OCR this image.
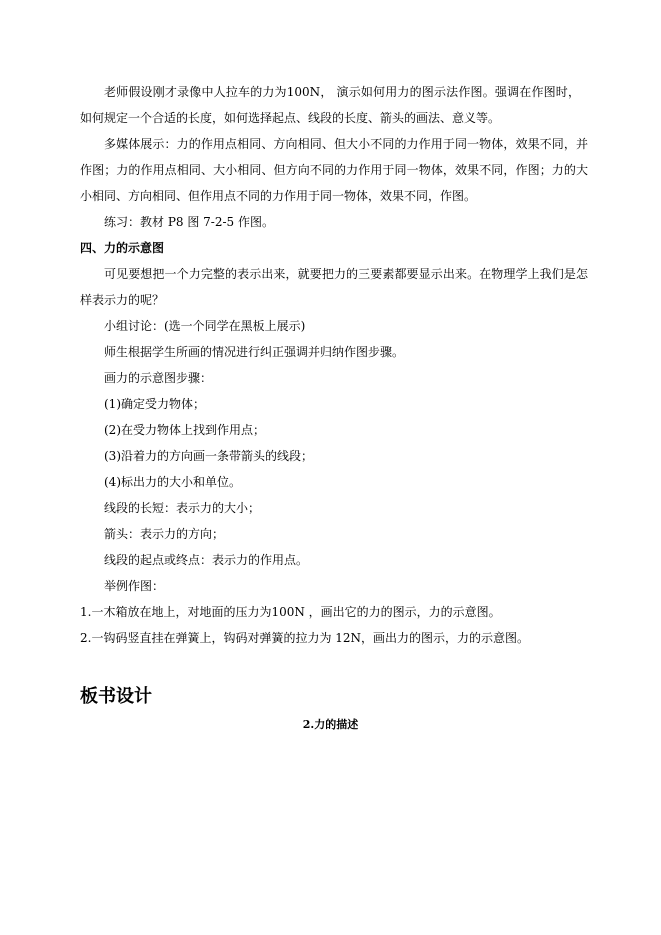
老师假设刚才录像中人拉车的力为100N， 演示如何用力的图示法作图。强调在作图时，如何规定一个合适的长度，如何选择起点、线段的长度、箭头的画法、意义等。
多媒体展示：力的作用点相同、方向相同、但大小不同的力作用于同一物体，效果不同，并作图；力的作用点相同、大小相同、但方向不同的力作用于同一物体，效果不同，作图；力的大小相同、方向相同、但作用点不同的力作用于同一物体，效果不同，作图。
练习：教材 P8 图 7-2-5 作图。
四、力的示意图
可见要想把一个力完整的表示出来，就要把力的三要素都要显示出来。在物理学上我们是怎样表示力的呢？
小组讨论：(选一个同学在黑板上展示)
师生根据学生所画的情况进行纠正强调并归纳作图步骤。
画力的示意图步骤：
(1)确定受力物体；
(2)在受力物体上找到作用点；
(3)沿着力的方向画一条带箭头的线段；
(4)标出力的大小和单位。
线段的长短：表示力的大小；
箭头：表示力的方向；
线段的起点或终点：表示力的作用点。
举例作图：
1.一木箱放在地上，对地面的压力为100N ，画出它的力的图示，力的示意图。
2.一钩码竖直挂在弹簧上，钩码对弹簧的拉力为 12N，画出力的图示，力的示意图。
板书设计
2.力的描述
